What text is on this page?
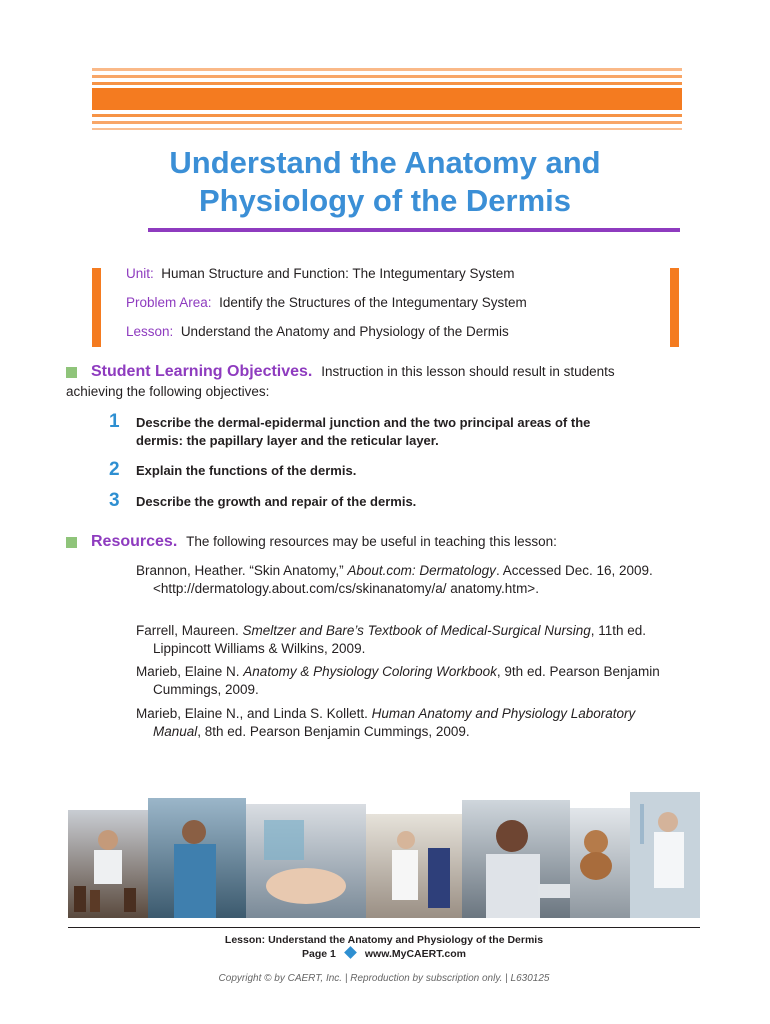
Understand the Anatomy and
Physiology of the Dermis
Unit: Human Structure and Function: The Integumentary System
Problem Area: Identify the Structures of the Integumentary System
Lesson: Understand the Anatomy and Physiology of the Dermis
Student Learning Objectives. Instruction in this lesson should result in students
achieving the following objectives:
1 Describe the dermal-epidermal junction and the two principal areas of the
dermis: the papillary layer and the reticular layer.
2 Explain the functions of the dermis.
3 Describe the growth and repair of the dermis.
Resources. The following resources may be useful in teaching this lesson:
Brannon, Heather. “Skin Anatomy,” About.com: Dermatology. Accessed Dec. 16, 2009. <http://dermatology.about.com/cs/skinanatomy/a/ anatomy.htm>.
Farrell, Maureen. Smeltzer and Bare’s Textbook of Medical-Surgical Nursing, 11th ed. Lippincott Williams & Wilkins, 2009.
Marieb, Elaine N. Anatomy & Physiology Coloring Workbook, 9th ed. Pearson Benjamin Cummings, 2009.
Marieb, Elaine N., and Linda S. Kollett. Human Anatomy and Physiology Laboratory Manual, 8th ed. Pearson Benjamin Cummings, 2009.
Lesson: Understand the Anatomy and Physiology of the Dermis
Page 1	www.MyCAERT.com
Copyright © by CAERT, Inc. | Reproduction by subscription only. | L630125
